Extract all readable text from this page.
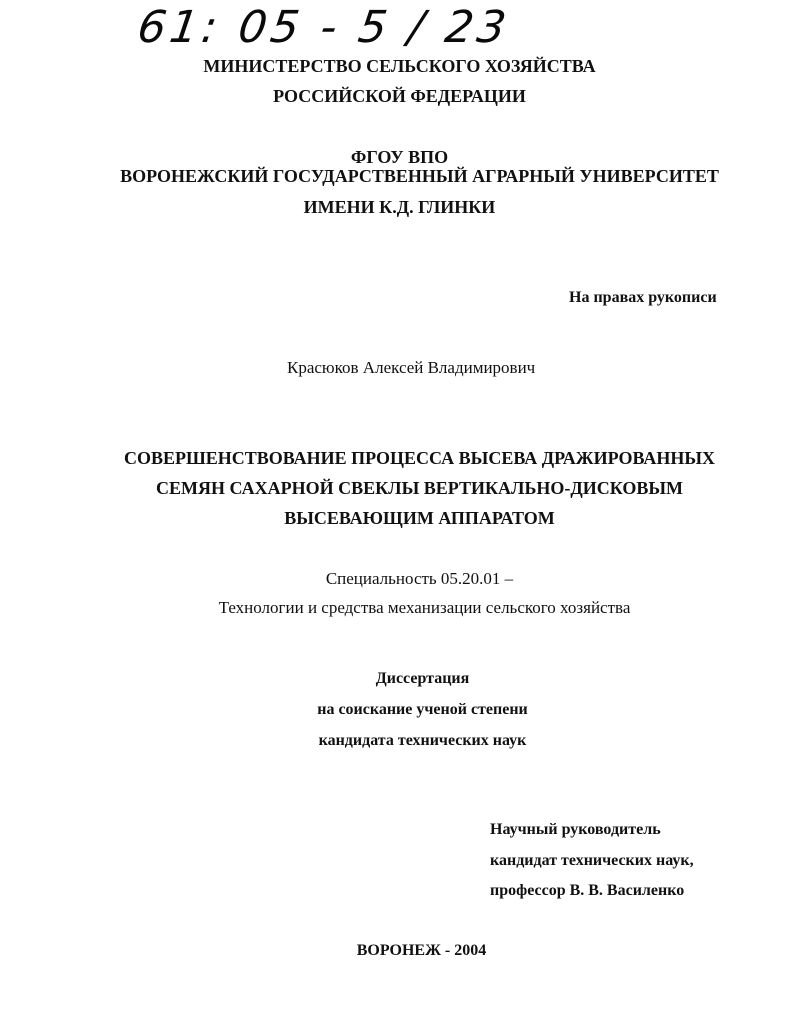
61: 05 - 5 / 23
МИНИСТЕРСТВО СЕЛЬСКОГО ХОЗЯЙСТВА
РОССИЙСКОЙ ФЕДЕРАЦИИ
ФГОУ ВПО
ВОРОНЕЖСКИЙ ГОСУДАРСТВЕННЫЙ АГРАРНЫЙ УНИВЕРСИТЕТ
ИМЕНИ К.Д. ГЛИНКИ
На правах рукописи
Красюков Алексей Владимирович
СОВЕРШЕНСТВОВАНИЕ ПРОЦЕССА ВЫСЕВА ДРАЖИРОВАННЫХ
СЕМЯН САХАРНОЙ СВЕКЛЫ ВЕРТИКАЛЬНО-ДИСКОВЫМ
ВЫСЕВАЮЩИМ АППАРАТОМ
Специальность 05.20.01 –
Технологии и средства механизации сельского хозяйства
Диссертация
на соискание ученой степени
кандидата технических наук
Научный руководитель
кандидат технических наук,
профессор В. В. Василенко
ВОРОНЕЖ - 2004
